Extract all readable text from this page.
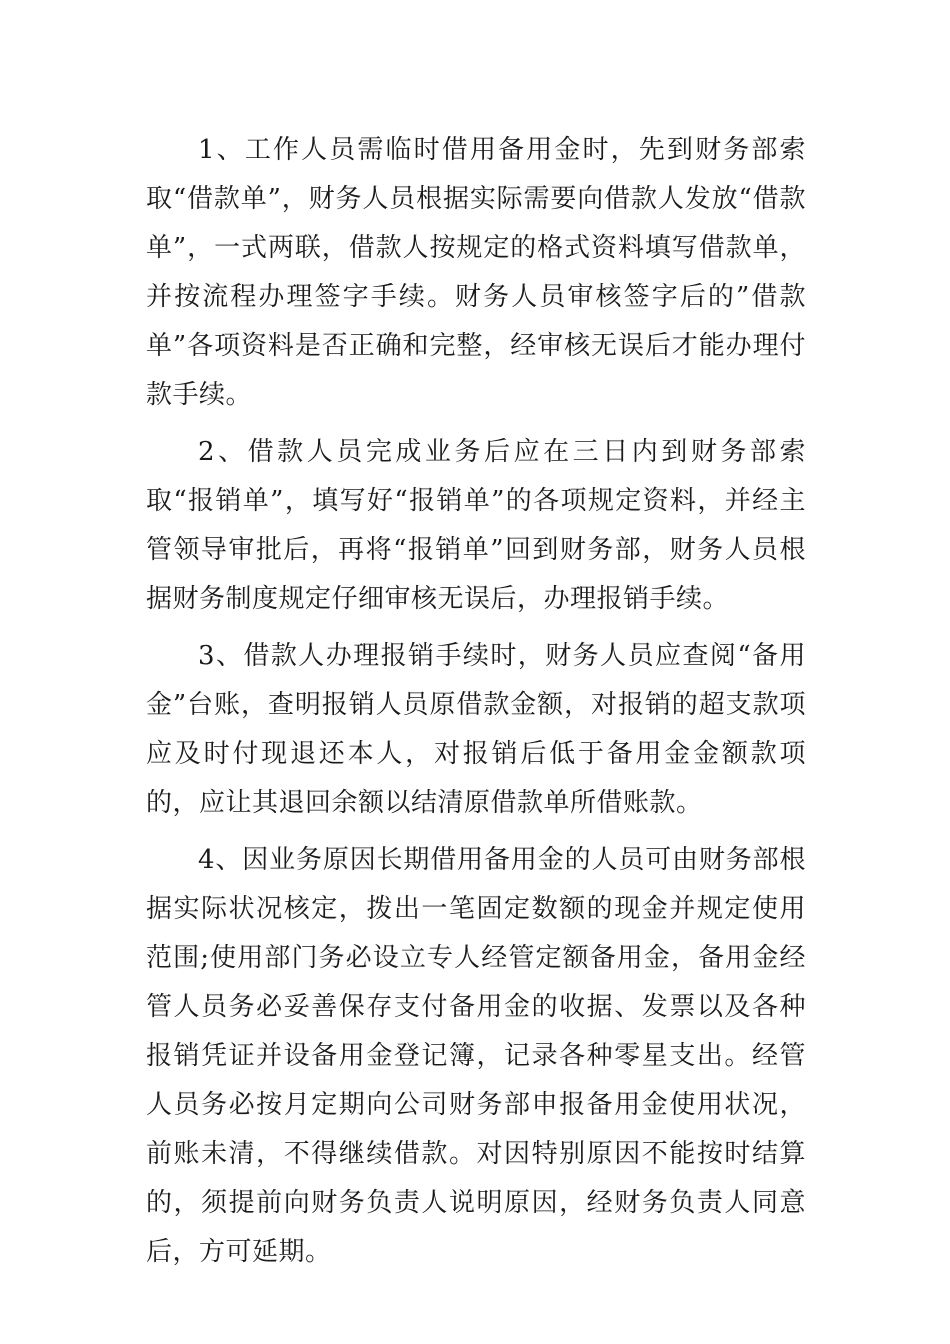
1、工作人员需临时借用备用金时，先到财务部索取“借款单”，财务人员根据实际需要向借款人发放“借款单”，一式两联，借款人按规定的格式资料填写借款单，并按流程办理签字手续。财务人员审核签字后的”借款单”各项资料是否正确和完整，经审核无误后才能办理付款手续。

2、借款人员完成业务后应在三日内到财务部索取“报销单”，填写好“报销单”的各项规定资料，并经主管领导审批后，再将“报销单”回到财务部，财务人员根据财务制度规定仔细审核无误后，办理报销手续。

3、借款人办理报销手续时，财务人员应查阅“备用金”台账，查明报销人员原借款金额，对报销的超支款项应及时付现退还本人，对报销后低于备用金金额款项的，应让其退回余额以结清原借款单所借账款。

4、因业务原因长期借用备用金的人员可由财务部根据实际状况核定，拨出一笔固定数额的现金并规定使用范围;使用部门务必设立专人经管定额备用金，备用金经管人员务必妥善保存支付备用金的收据、发票以及各种报销凭证并设备用金登记簿，记录各种零星支出。经管人员务必按月定期向公司财务部申报备用金使用状况，前账未清，不得继续借款。对因特别原因不能按时结算的，须提前向财务负责人说明原因，经财务负责人同意后，方可延期。
